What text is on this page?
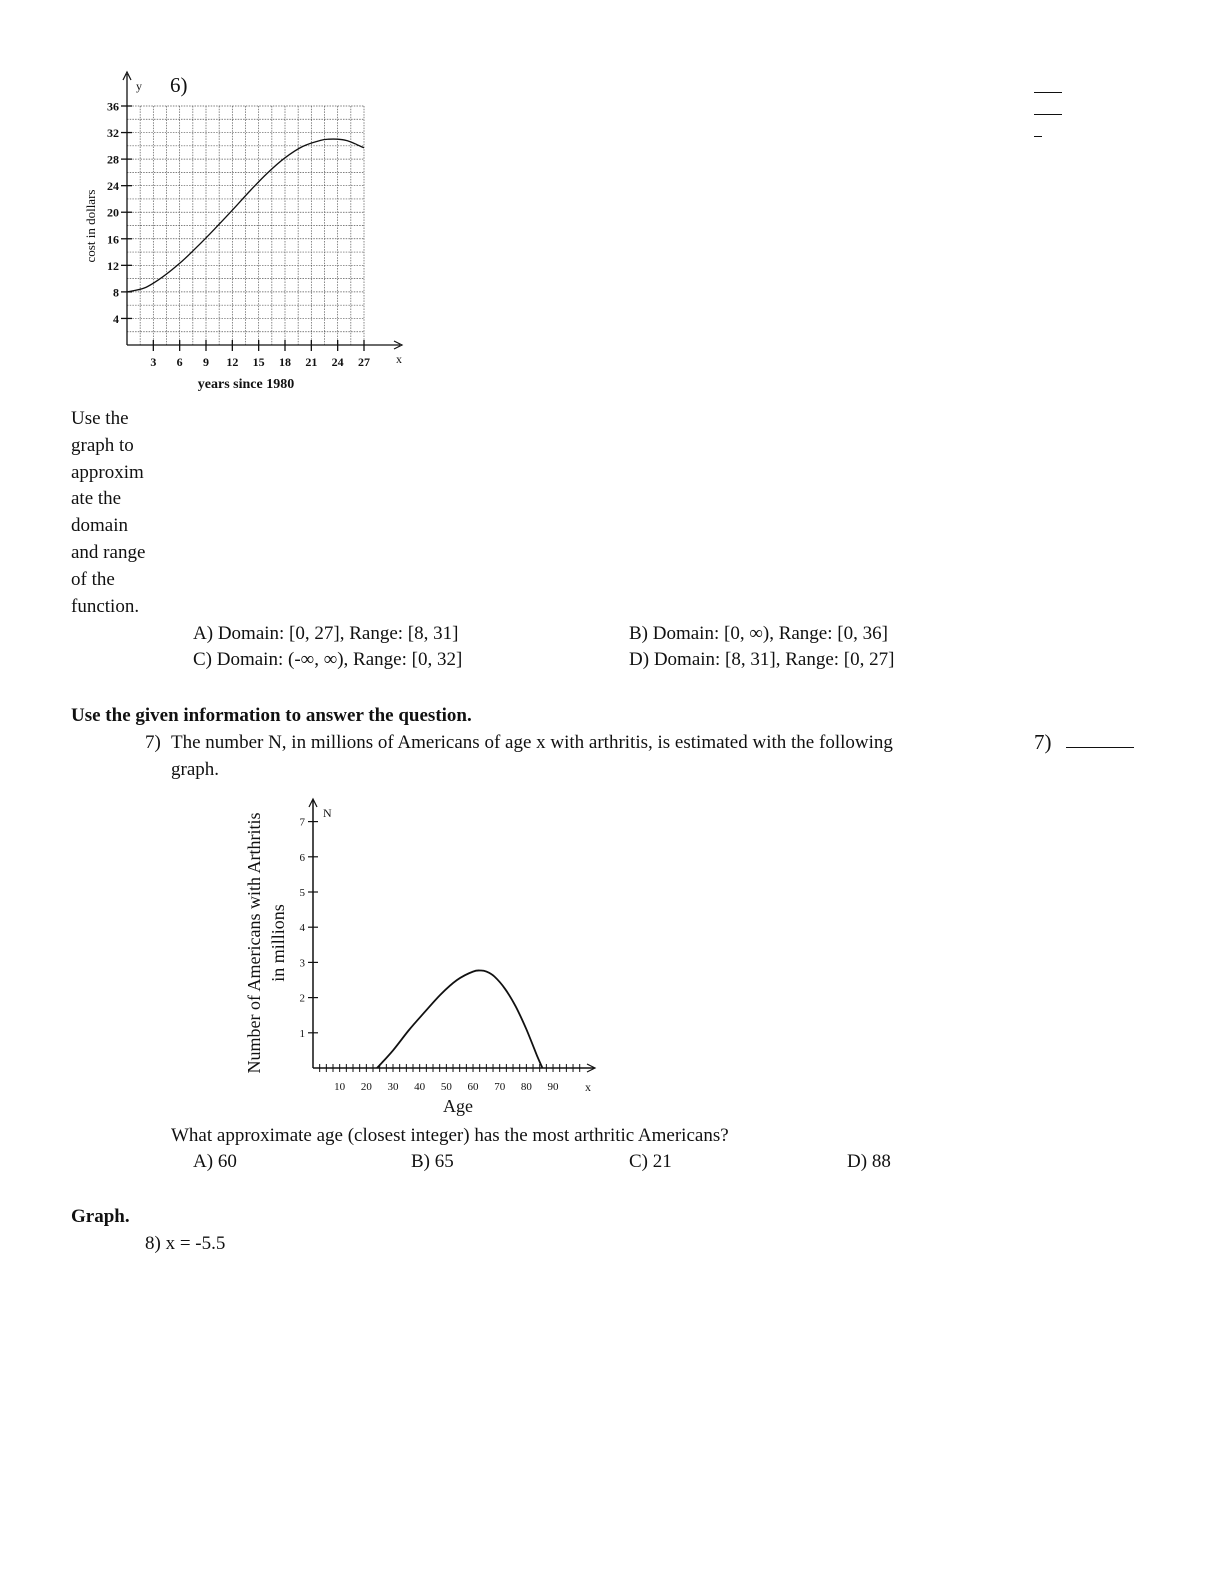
4
8
12
16
20
24
28
32
36
3 6 9 12 15 18 21 24 27
y
x
years since 1980
cost in dollars
6)
Use the
graph to
approxim
ate the
domain
and range
of the
function.
A) Domain: [0, 27], Range: [8, 31]	B) Domain: [0, ∞), Range: [0, 36]
C) Domain: (-∞, ∞), Range: [0, 32]	D) Domain: [8, 31], Range: [0, 27]
Use the given information to answer the question.
7) The number N, in millions of Americans of age x with arthritis, is estimated with the following
graph.
7)
1
2
3
4
5
6
7
10 20 30 40 50 60 70 80 90
N
x
Age
Number of Americans with Arthritis in millions
What approximate age (closest integer) has the most arthritic Americans?
A) 60	B) 65	C) 21	D) 88
Graph.
8) x = -5.5
